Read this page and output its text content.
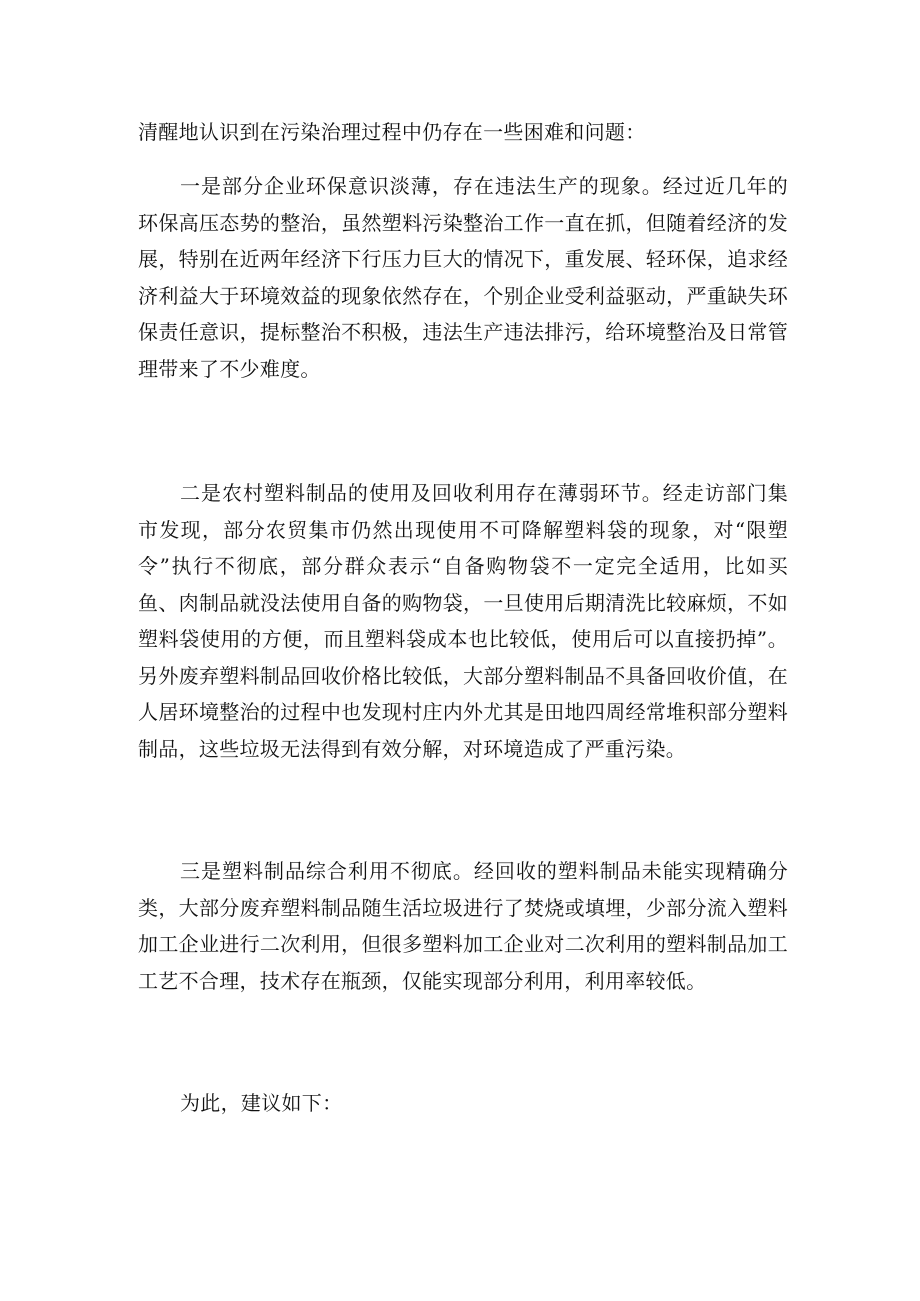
清醒地认识到在污染治理过程中仍存在一些困难和问题：

一是部分企业环保意识淡薄，存在违法生产的现象。经过近几年的环保高压态势的整治，虽然塑料污染整治工作一直在抓，但随着经济的发展，特别在近两年经济下行压力巨大的情况下，重发展、轻环保，追求经济利益大于环境效益的现象依然存在，个别企业受利益驱动，严重缺失环保责任意识，提标整治不积极，违法生产违法排污，给环境整治及日常管理带来了不少难度。

二是农村塑料制品的使用及回收利用存在薄弱环节。经走访部门集市发现，部分农贸集市仍然出现使用不可降解塑料袋的现象，对“限塑令”执行不彻底，部分群众表示“自备购物袋不一定完全适用，比如买鱼、肉制品就没法使用自备的购物袋，一旦使用后期清洗比较麻烦，不如塑料袋使用的方便，而且塑料袋成本也比较低，使用后可以直接扔掉”。另外废弃塑料制品回收价格比较低，大部分塑料制品不具备回收价值，在人居环境整治的过程中也发现村庄内外尤其是田地四周经常堆积部分塑料制品，这些垃圾无法得到有效分解，对环境造成了严重污染。

三是塑料制品综合利用不彻底。经回收的塑料制品未能实现精确分类，大部分废弃塑料制品随生活垃圾进行了焚烧或填埋，少部分流入塑料加工企业进行二次利用，但很多塑料加工企业对二次利用的塑料制品加工工艺不合理，技术存在瓶颈，仅能实现部分利用，利用率较低。

为此，建议如下：
